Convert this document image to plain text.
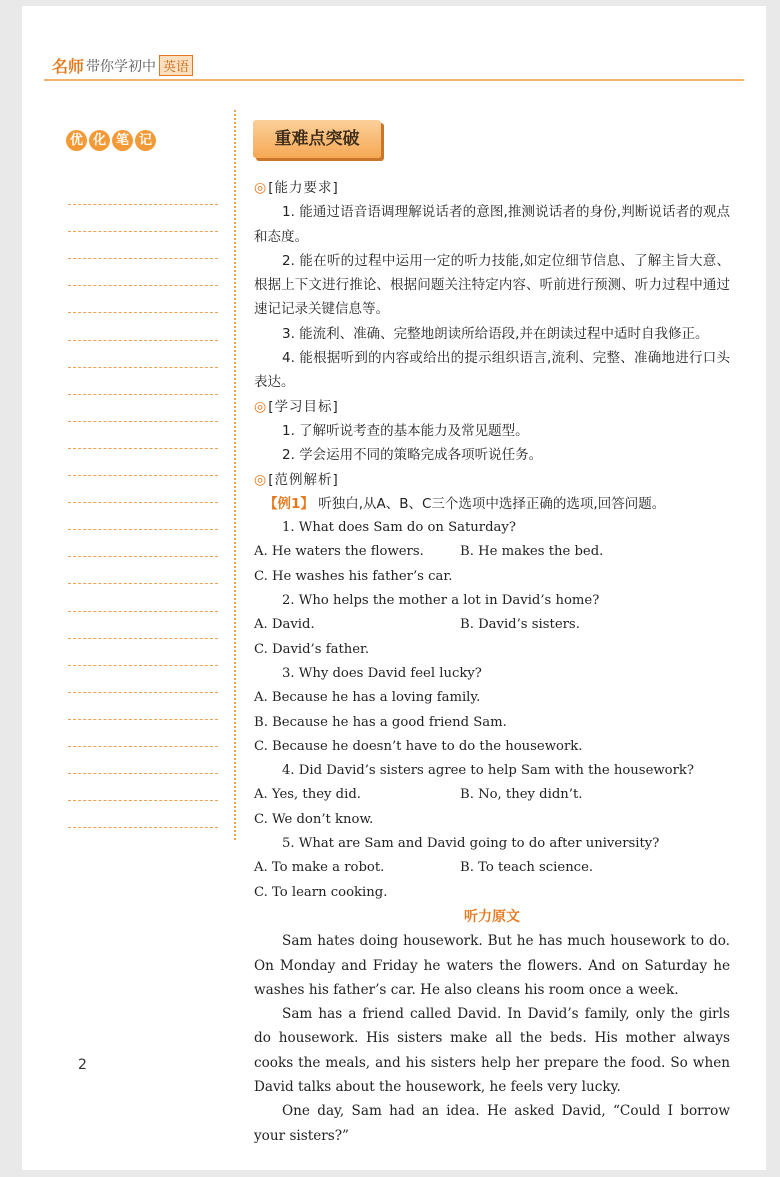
名师 带你学初中 英语
优 化 笔 记	重难点突破
◎ [能力要求]

1. 能通过语音语调理解说话者的意图,推测说话者的身份,判断说话者的观点和态度。

2. 能在听的过程中运用一定的听力技能,如定位细节信息、了解主旨大意、根据上下文进行推论、根据问题关注特定内容、听前进行预测、听力过程中通过速记记录关键信息等。

3. 能流利、准确、完整地朗读所给语段,并在朗读过程中适时自我修正。

4. 能根据听到的内容或给出的提示组织语言,流利、完整、准确地进行口头表达。

◎ [学习目标]

1. 了解听说考查的基本能力及常见题型。

2. 学会运用不同的策略完成各项听说任务。

◎ [范例解析]

【例1】 听独白,从A、B、C三个选项中选择正确的选项,回答问题。

1. What does Sam do on Saturday?

A. He waters the flowers.	B. He makes the bed.
C. He washes his father’s car.

2. Who helps the mother a lot in David’s home?

A. David.	B. David’s sisters.
C. David’s father.

3. Why does David feel lucky?

A. Because he has a loving family.
B. Because he has a good friend Sam.
C. Because he doesn’t have to do the housework.

4. Did David’s sisters agree to help Sam with the housework?

A. Yes, they did.	B. No, they didn’t.
C. We don’t know.

5. What are Sam and David going to do after university?

A. To make a robot.	B. To teach science.
C. To learn cooking.

听力原文

Sam hates doing housework. But he has much housework to do. On Monday and Friday he waters the flowers. And on Saturday he washes his father’s car. He also cleans his room once a week.

Sam has a friend called David. In David’s family, only the girls do housework. His sisters make all the beds. His mother always cooks the meals, and his sisters help her prepare the food. So when David talks about the housework, he feels very lucky.

One day, Sam had an idea. He asked David, “Could I borrow your sisters?”

2
